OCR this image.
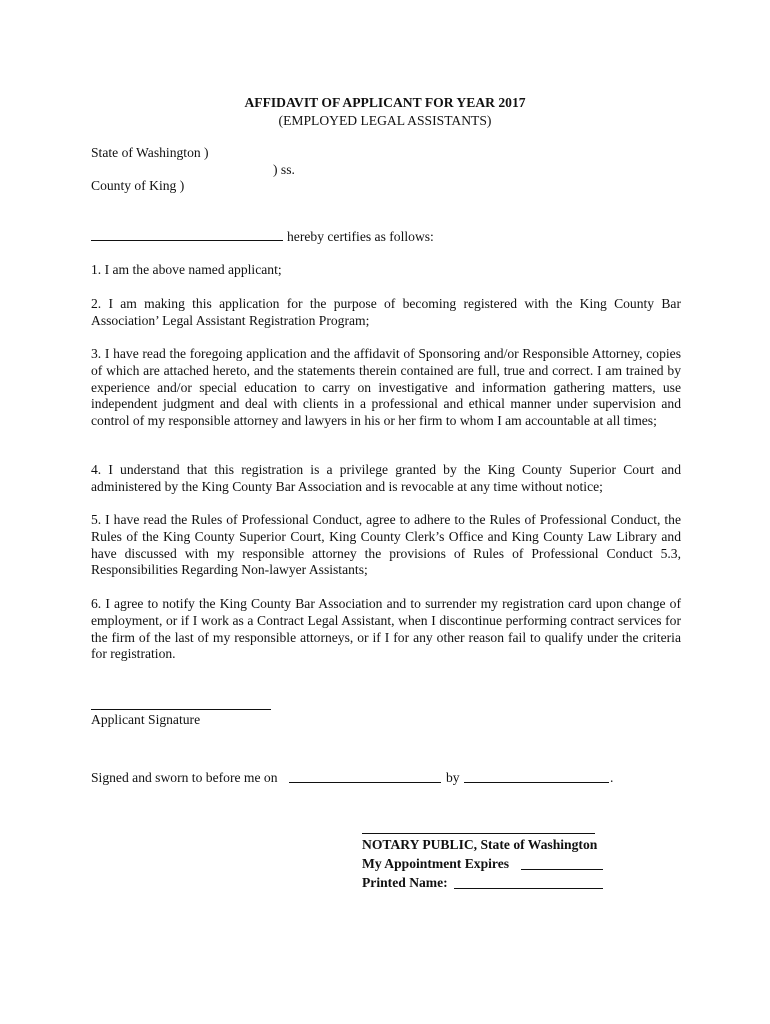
AFFIDAVIT OF APPLICANT FOR YEAR 2017
(EMPLOYED LEGAL ASSISTANTS)
State of Washington )
) ss.
County of King )
hereby certifies as follows:

1. I am the above named applicant;

2. I am making this application for the purpose of becoming registered with the King County Bar Association’ Legal Assistant Registration Program;

3. I have read the foregoing application and the affidavit of Sponsoring and/or Responsible Attorney, copies of which are attached hereto, and the statements therein contained are full, true and correct. I am trained by experience and/or special education to carry on investigative and information gathering matters, use independent judgment and deal with clients in a professional and ethical manner under supervision and control of my responsible attorney and lawyers in his or her firm to whom I am accountable at all times;

4. I understand that this registration is a privilege granted by the King County Superior Court and administered by the King County Bar Association and is revocable at any time without notice;

5. I have read the Rules of Professional Conduct, agree to adhere to the Rules of Professional Conduct, the Rules of the King County Superior Court, King County Clerk’s Office and King County Law Library and have discussed with my responsible attorney the provisions of Rules of Professional Conduct 5.3, Responsibilities Regarding Non-lawyer Assistants;

6. I agree to notify the King County Bar Association and to surrender my registration card upon change of employment, or if I work as a Contract Legal Assistant, when I discontinue performing contract services for the firm of the last of my responsible attorneys, or if I for any other reason fail to qualify under the criteria for registration.

Applicant Signature
Signed and sworn to before me on	by	.
NOTARY PUBLIC, State of Washington
My Appointment Expires
Printed Name:
